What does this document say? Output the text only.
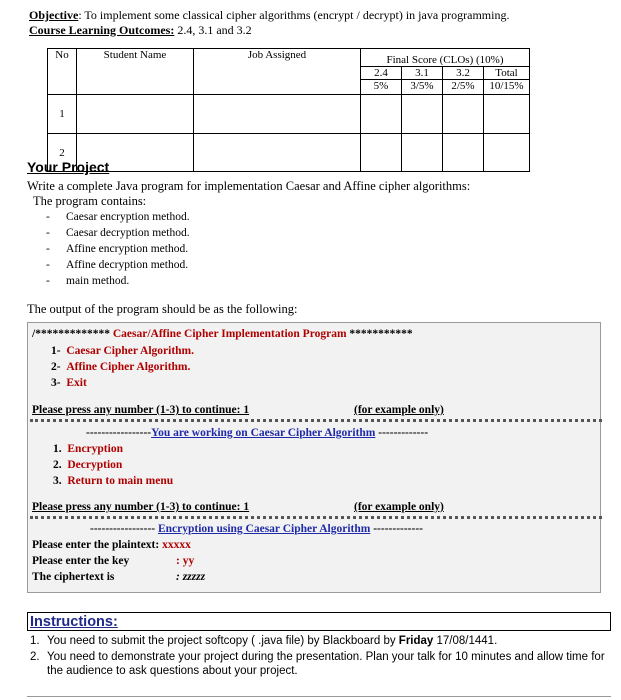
Objective: To implement some classical cipher algorithms (encrypt / decrypt) in java programming.
Course Learning Outcomes: 2.4, 3.1 and 3.2
No	Student Name	Job Assigned	Final Score (CLOs) (10%)			
			2.4	3.1	3.2	Total
			5%	3/5%	2/5%	10/15%
1						
2						
Your Project
Write a complete Java program for implementation Caesar and Affine cipher algorithms:
The program contains:
- Caesar encryption method.
- Caesar decryption method.
- Affine encryption method.
- Affine decryption method.
- main method.
The output of the program should be as the following:
/************* Caesar/Affine Cipher Implementation Program ***********
1- Caesar Cipher Algorithm.
2- Affine Cipher Algorithm.
3- Exit
Please press any number (1-3) to continue: 1	(for example only)
-----------------You are working on Caesar Cipher Algorithm -------------
1. Encryption
2. Decryption
3. Return to main menu
Please press any number (1-3) to continue: 1	(for example only)
----------------- Encryption using Caesar Cipher Algorithm -------------
Please enter the plaintext: xxxxx
Please enter the key	: yy
The ciphertext is	: zzzzz
Instructions:
1. You need to submit the project softcopy ( .java file) by Blackboard by Friday 17/08/1441.
2. You need to demonstrate your project during the presentation. Plan your talk for 10 minutes and allow time for the audience to ask questions about your project.
